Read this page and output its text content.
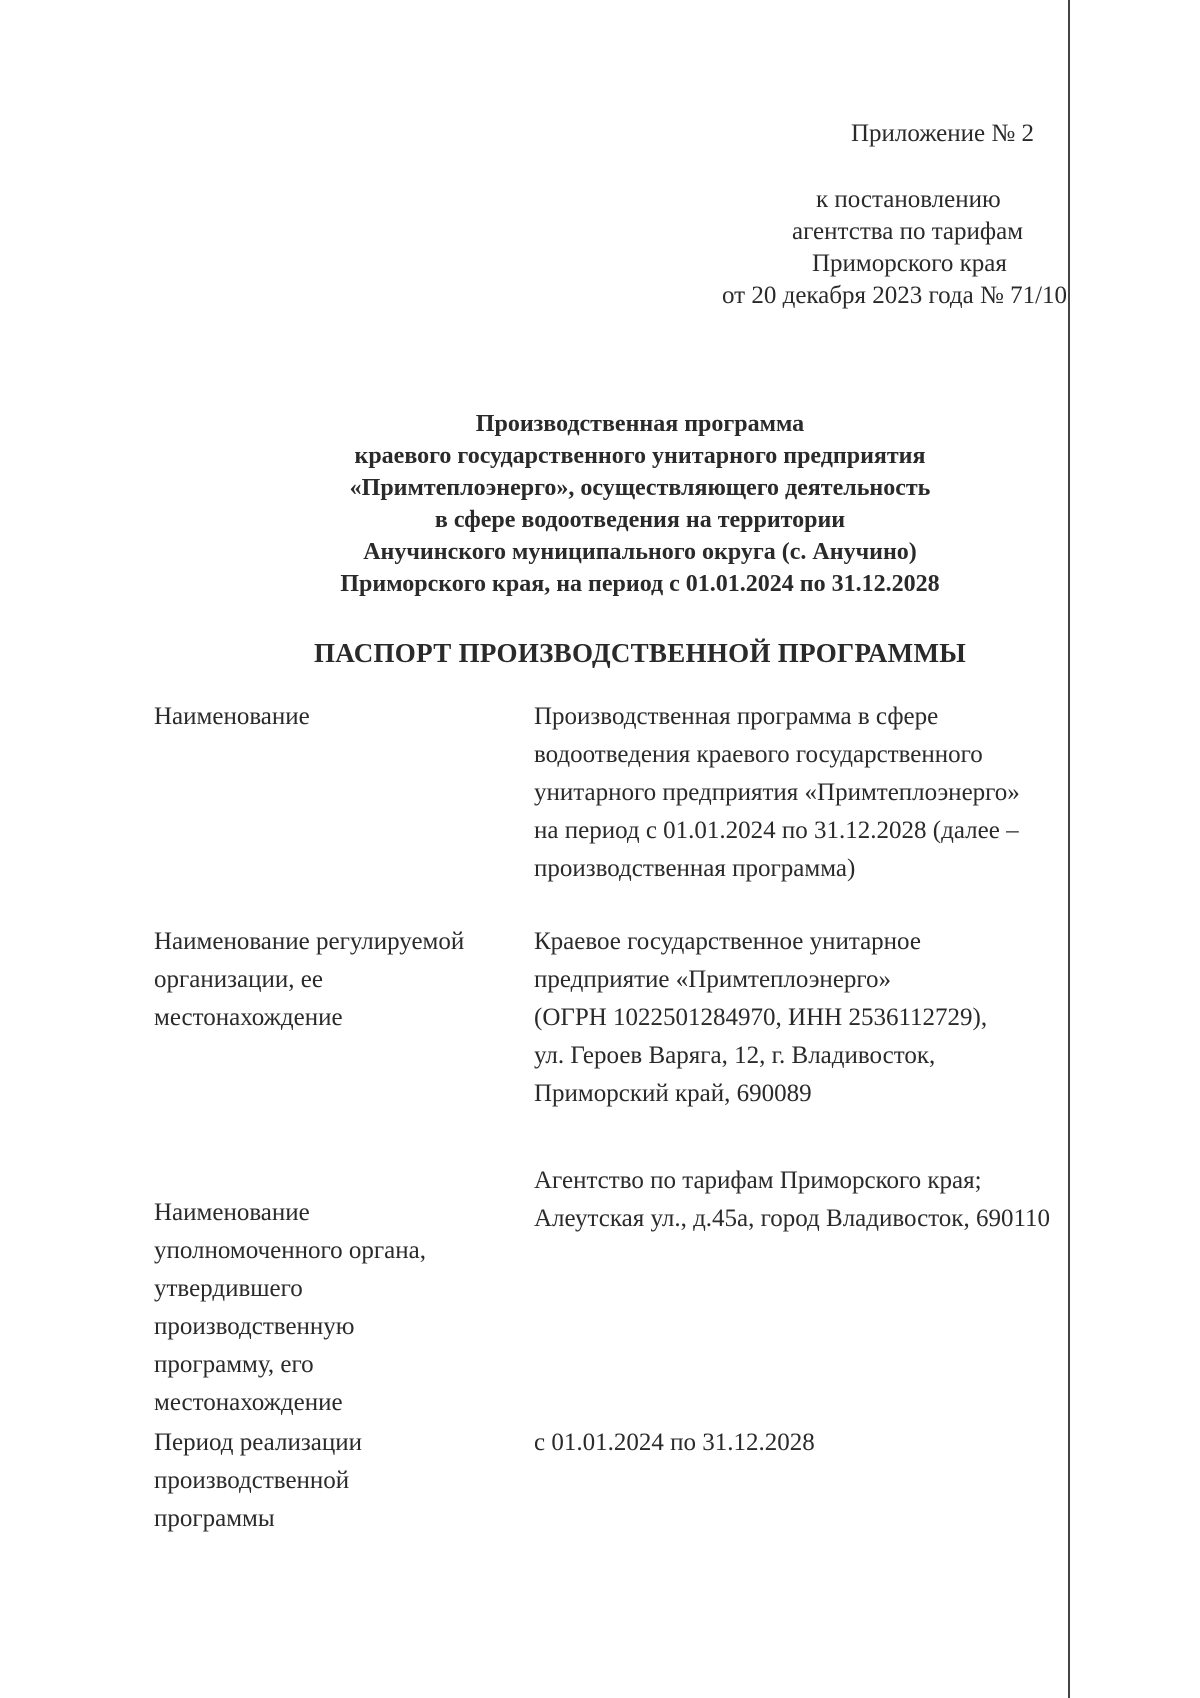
Приложение № 2
к постановлению
агентства по тарифам
Приморского края
от 20 декабря 2023 года № 71/10
Производственная программа
краевого государственного унитарного предприятия
«Примтеплоэнерго», осуществляющего деятельность
в сфере водоотведения на территории
Анучинского муниципального округа (с. Анучино)
Приморского края, на период с 01.01.2024 по 31.12.2028
ПАСПОРТ ПРОИЗВОДСТВЕННОЙ ПРОГРАММЫ
Наименование	Производственная программа в сфере
водоотведения краевого государственного
унитарного предприятия «Примтеплоэнерго»
на период с 01.01.2024 по 31.12.2028 (далее –
производственная программа)
Наименование регулируемой
организации, ее
местонахождение
Краевое государственное унитарное
предприятие «Примтеплоэнерго»
(ОГРН 1022501284970, ИНН 2536112729),
ул. Героев Варяга, 12, г. Владивосток,
Приморский край, 690089
Наименование
уполномоченного органа,
утвердившего
производственную
программу, его
местонахождение
Агентство по тарифам Приморского края;
Алеутская ул., д.45а, город Владивосток, 690110
Период реализации
производственной
программы
с 01.01.2024 по 31.12.2028
